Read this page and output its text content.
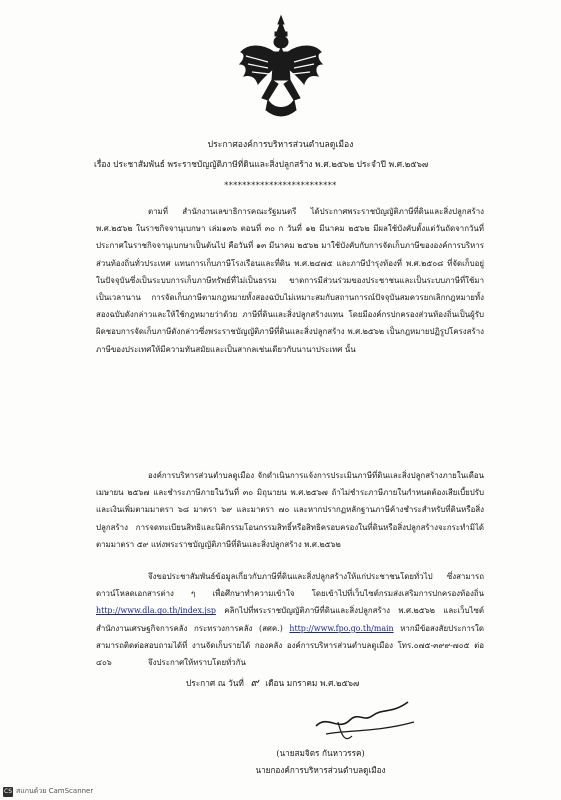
ประกาศองค์การบริหารส่วนตำบลดูเมือง
เรื่อง ประชาสัมพันธ์ พระราชบัญญัติภาษีที่ดินและสิ่งปลูกสร้าง พ.ศ.๒๕๖๒ ประจำปี พ.ศ.๒๕๖๗
*************************

ตามที่ สำนักงานเลขาธิการคณะรัฐมนตรี ได้ประกาศพระราชบัญญัติภาษีที่ดินและสิ่งปลูกสร้าง พ.ศ.๒๕๖๒ ในราชกิจจานุเบกษา เล่ม๑๓๖ ตอนที่ ๓๐ ก วันที่ ๑๒ มีนาคม ๒๕๖๒ มีผลใช้บังคับตั้งแต่วันถัดจากวันที่ประกาศในราชกิจจานุเบกษาเป็นต้นไป คือวันที่ ๑๓ มีนาคม ๒๕๖๒ มาใช้บังคับกับการจัดเก็บภาษีขององค์การบริหารส่วนท้องถิ่นทั่วประเทศ แทนการเก็บภาษีโรงเรือนและที่ดิน พ.ศ.๒๔๗๕ และภาษีบำรุงท้องที่ พ.ศ.๒๕๐๘ ที่จัดเก็บอยู่ในปัจจุบันซึ่งเป็นระบบการเก็บภาษีทรัพย์ที่ไม่เป็นธรรม ขาดการมีส่วนร่วมของประชาชนและเป็นระบบภาษีที่ใช้มาเป็นเวลานาน การจัดเก็บภาษีตามกฎหมายทั้งสองฉบับไม่เหมาะสมกับสถานการณ์ปัจจุบันสมควรยกเลิกกฎหมายทั้งสองฉบับดังกล่าวและให้ใช้กฎหมายว่าด้วย ภาษีที่ดินและสิ่งปลูกสร้างแทน โดยมีองค์กรปกครองส่วนท้องถิ่นเป็นผู้รับผิดชอบการจัดเก็บภาษีดังกล่าวซึ่งพระราชบัญญัติภาษีที่ดินและสิ่งปลูกสร้าง พ.ศ.๒๕๖๒ เป็นกฎหมายปฏิรูปโครงสร้างภาษีของประเทศให้มีความทันสมัยและเป็นสากลเช่นเดียวกับนานาประเทศ นั้น

องค์การบริหารส่วนตำบลดูเมือง จักดำเนินการแจ้งการประเมินภาษีที่ดินและสิ่งปลูกสร้างภายในเดือนเมษายน ๒๕๖๗ และชำระภาษีภายในวันที่ ๓๐ มิถุนายน พ.ศ.๒๕๖๗ ถ้าไม่ชำระภาษีภายในกำหนดต้องเสียเบี้ยปรับและเงินเพิ่มตามมาตรา ๖๘ มาตรา ๖๙ และมาตรา ๗๐ และหากปรากฏหลักฐานภาษีค้างชำระสำหรับที่ดินหรือสิ่งปลูกสร้าง การจดทะเบียนสิทธิและนิติกรรมโอนกรรมสิทธิ์หรือสิทธิครอบครองในที่ดินหรือสิ่งปลูกสร้างจะกระทำมิได้ ตามมาตรา ๕๙ แห่งพระราชบัญญัติภาษีที่ดินและสิ่งปลูกสร้าง พ.ศ.๒๕๖๒

จึงขอประชาสัมพันธ์ข้อมูลเกี่ยวกับภาษีที่ดินและสิ่งปลูกสร้างให้แก่ประชาชนโดยทั่วไป ซึ่งสามารถดาวน์โหลดเอกสารต่าง ๆ เพื่อศึกษาทำความเข้าใจ โดยเข้าไปที่เว็บไซต์กรมส่งเสริมการปกครองท้องถิ่น http://www.dla.go.th/index.jsp คลิกไปที่พระราชบัญญัติภาษีที่ดินและสิ่งปลูกสร้าง พ.ศ.๒๕๖๒ และเว็บไซต์ สำนักงานเศรษฐกิจการคลัง กระทรวงการคลัง (สศค.) http://www.fpo.go.th/main หากมีข้อสงสัยประการใดสามารถติดต่อสอบถามได้ที่ งานจัดเก็บรายได้ กองคลัง องค์การบริหารส่วนตำบลดูเมือง โทร.๐๗๕-๓๙๙-๗๐๕ ต่อ ๔๐๖	จึงประกาศให้ทราบโดยทั่วกัน

ประกาศ ณ วันที่ ๙ เดือน มกราคม พ.ศ.๒๕๖๗
(นายสมจิตร กันหาวรรค)
นายกองค์การบริหารส่วนตำบลดูเมือง
CS สแกนด้วย CamScanner
